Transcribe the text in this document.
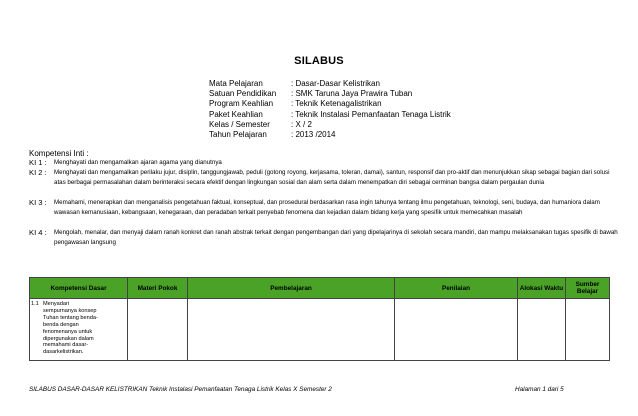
SILABUS
Mata Pelajaran	: Dasar-Dasar Kelistrikan
Satuan Pendidikan	: SMK Taruna Jaya Prawira Tuban
Program Keahlian	: Teknik Ketenagalistrikan
Paket Keahlian	: Teknik Instalasi Pemanfaatan Tenaga Listrik
Kelas / Semester	: X / 2
Tahun Pelajaran	: 2013 /2014
Kompetensi Inti :
KI 1 : Menghayati dan mengamalkan ajaran agama yang dianutnya
KI 2 : Menghayati dan mengamalkan perilaku jujur, disiplin, tanggungjawab, peduli (gotong royong, kerjasama, toleran, damai), santun, responsif dan pro-aktif dan menunjukkan sikap sebagai bagian dari solusi atas berbagai permasalahan dalam berinteraksi secara efektif dengan lingkungan sosial dan alam serta dalam menempatkan diri sebagai cerminan bangsa dalam pergaulan dunia
KI 3 : Memahami, menerapkan dan menganalisis pengetahuan faktual, konseptual, dan prosedural berdasarkan rasa ingin tahunya tentang ilmu pengetahuan, teknologi, seni, budaya, dan humaniora dalam wawasan kemanusiaan, kebangsaan, kenegaraan, dan peradaban terkait penyebab fenomena dan kejadian dalam bidang kerja yang spesifik untuk memecahkan masalah
KI 4 : Mengolah, menalar, dan menyaji dalam ranah konkret dan ranah abstrak terkait dengan pengembangan dari yang dipelajarinya di sekolah secara mandiri, dan mampu melaksanakan tugas spesifik di bawah pengawasan langsung
Kompetensi Dasar	Materi Pokok	Pembelajaran	Penilaian	Alokasi Waktu	Sumber Belajar

1.1 Menyadari sempurnanya konsep Tuhan tentang benda-benda dengan fenomenanya untuk dipergunakan dalam memahami dasar-dasarkelistrikan.					

SILABUS DASAR-DASAR KELISTRIKAN Teknik Instalasi Pemanfaatan Tenaga Listrik Kelas X Semester 2	Halaman 1 dari 5
